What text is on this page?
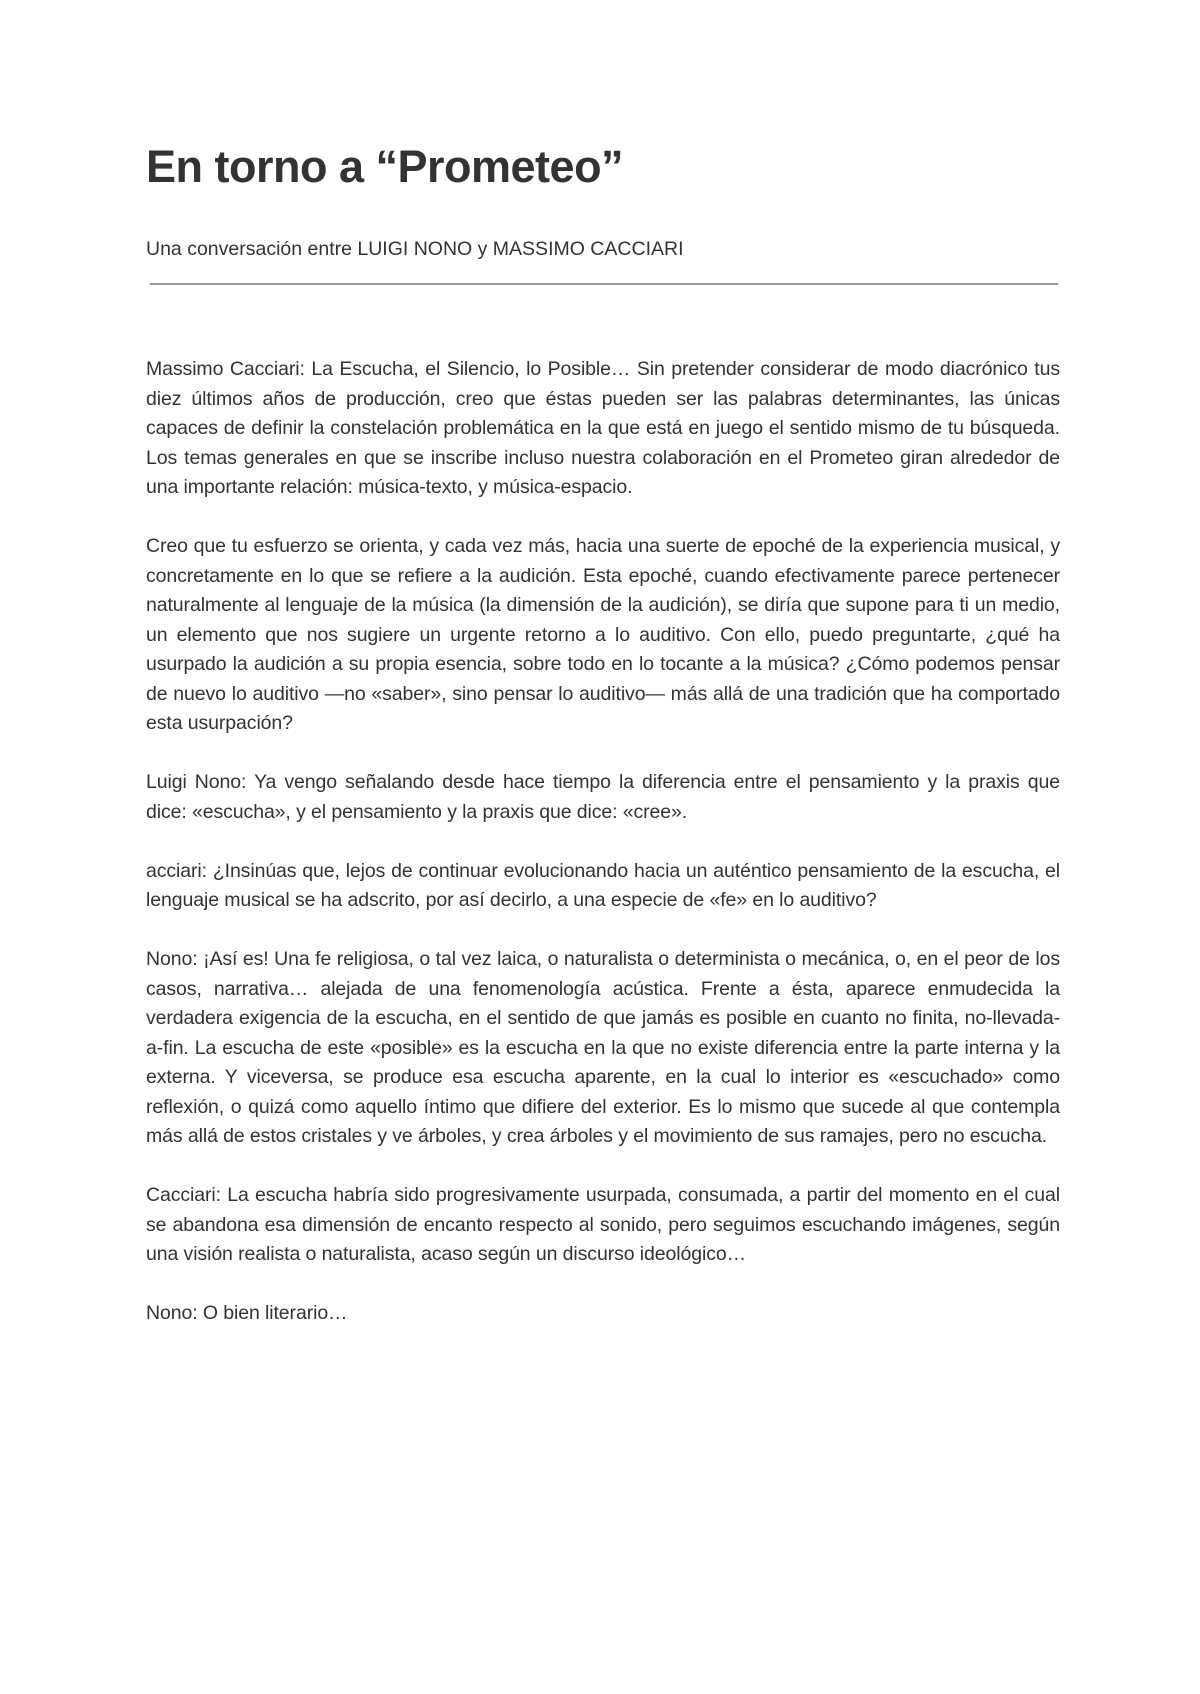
En torno a “Prometeo”

Una conversación entre LUIGI NONO y MASSIMO CACCIARI

Massimo Cacciari: La Escucha, el Silencio, lo Posible… Sin pretender considerar de modo diacrónico tus diez últimos años de producción, creo que éstas pueden ser las palabras determinantes, las únicas capaces de definir la constelación problemática en la que está en juego el sentido mismo de tu búsqueda. Los temas generales en que se inscribe incluso nuestra colaboración en el Prometeo giran alrededor de una importante relación: música-texto, y música-espacio.

Creo que tu esfuerzo se orienta, y cada vez más, hacia una suerte de epoché de la experiencia musical, y concretamente en lo que se refiere a la audición. Esta epoché, cuando efectivamente parece pertenecer naturalmente al lenguaje de la música (la dimensión de la audición), se diría que supone para ti un medio, un elemento que nos sugiere un urgente retorno a lo auditivo. Con ello, puedo preguntarte, ¿qué ha usurpado la audición a su propia esencia, sobre todo en lo tocante a la música? ¿Cómo podemos pensar de nuevo lo auditivo —no «saber», sino pensar lo auditivo— más allá de una tradición que ha comportado esta usurpación?

Luigi Nono: Ya vengo señalando desde hace tiempo la diferencia entre el pensamiento y la praxis que dice: «escucha», y el pensamiento y la praxis que dice: «cree».

acciari: ¿Insinúas que, lejos de continuar evolucionando hacia un auténtico pensamiento de la escucha, el lenguaje musical se ha adscrito, por así decirlo, a una especie de «fe» en lo auditivo?

Nono: ¡Así es! Una fe religiosa, o tal vez laica, o naturalista o determinista o mecánica, o, en el peor de los casos, narrativa… alejada de una fenomenología acústica. Frente a ésta, aparece enmudecida la verdadera exigencia de la escucha, en el sentido de que jamás es posible en cuanto no finita, no-llevada-a-fin. La escucha de este «posible» es la escucha en la que no existe diferencia entre la parte interna y la externa. Y viceversa, se produce esa escucha aparente, en la cual lo interior es «escuchado» como reflexión, o quizá como aquello íntimo que difiere del exterior. Es lo mismo que sucede al que contempla más allá de estos cristales y ve árboles, y crea árboles y el movimiento de sus ramajes, pero no escucha.

Cacciari: La escucha habría sido progresivamente usurpada, consumada, a partir del momento en el cual se abandona esa dimensión de encanto respecto al sonido, pero seguimos escuchando imágenes, según una visión realista o naturalista, acaso según un discurso ideológico…

Nono: O bien literario…
